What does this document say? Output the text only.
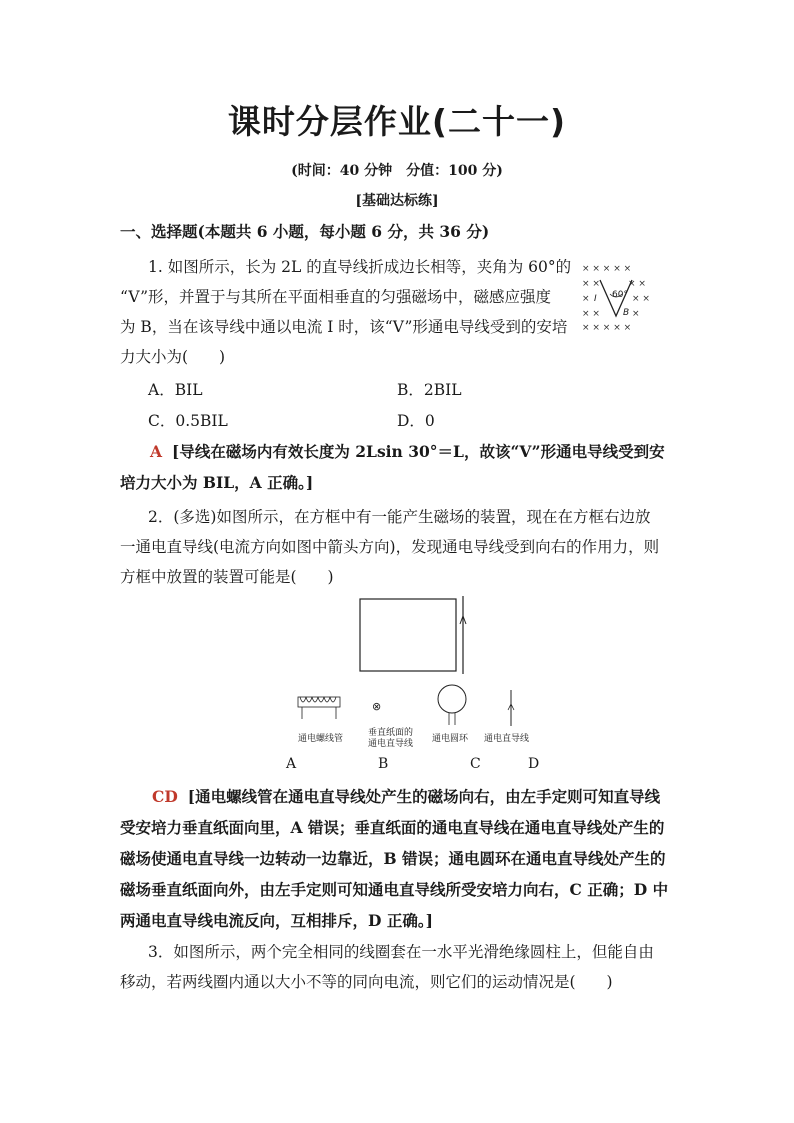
课时分层作业(二十一)
(时间：40 分钟　分值：100 分)
[基础达标练]
一、选择题(本题共 6 小题，每小题 6 分，共 36 分)
1. 如图所示，长为 2L 的直导线折成边长相等，夹角为 60°的
“V”形，并置于与其所在平面相垂直的匀强磁场中，磁感应强度
为 B，当在该导线中通以电流 I 时，该“V”形通电导线受到的安培
力大小为(　　)
× × × × ×
× ×	× ×
×	× ×
× ×	×
× × × × ×
60°
I
B
A．BIL	B．2BIL
C．0.5BIL	D．0
A [导线在磁场内有效长度为 2Lsin 30°＝L，故该“V”形通电导线受到安
培力大小为 BIL，A 正确。]
2．(多选)如图所示，在方框中有一能产生磁场的装置，现在在方框右边放
一通电直导线(电流方向如图中箭头方向)，发现通电导线受到向右的作用力，则
方框中放置的装置可能是(　　)
通电螺线管
⊗
垂直纸面的
通电直导线 通电圆环 通电直导线
A	B	C	D
CD [通电螺线管在通电直导线处产生的磁场向右，由左手定则可知直导线
受安培力垂直纸面向里，A 错误；垂直纸面的通电直导线在通电直导线处产生的
磁场使通电直导线一边转动一边靠近，B 错误；通电圆环在通电直导线处产生的
磁场垂直纸面向外，由左手定则可知通电直导线所受安培力向右，C 正确；D 中
两通电直导线电流反向，互相排斥，D 正确。]
3．如图所示，两个完全相同的线圈套在一水平光滑绝缘圆柱上，但能自由
移动，若两线圈内通以大小不等的同向电流，则它们的运动情况是(　　)
